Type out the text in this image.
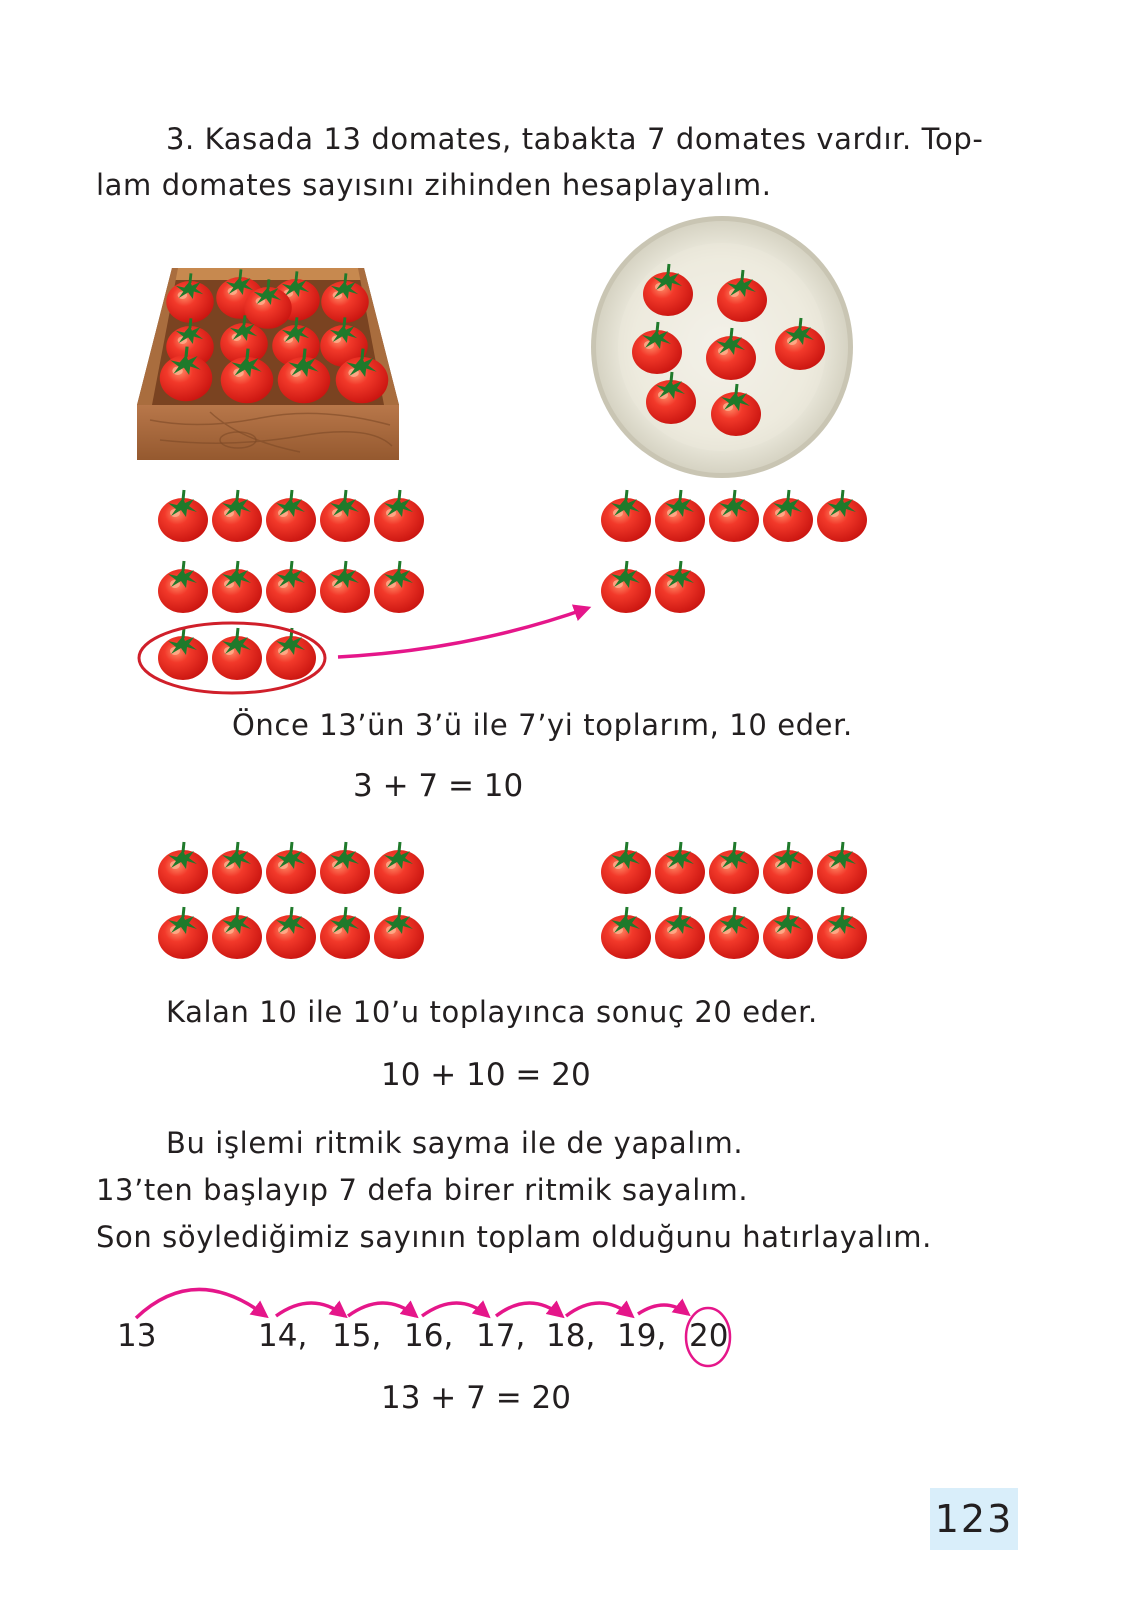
3. Kasada 13 domates, tabakta 7 domates vardır. Top-
lam domates sayısını zihinden hesaplayalım.
Önce 13’ün 3’ü ile 7’yi toplarım, 10 eder.
3 + 7 = 10
Kalan 10 ile 10’u toplayınca sonuç 20 eder.
10 + 10 = 20
Bu işlemi ritmik sayma ile de yapalım.
13’ten başlayıp 7 defa birer ritmik sayalım.
Son söylediğimiz sayının toplam olduğunu hatırlayalım.
13	14, 15, 16, 17, 18, 19, 20
13 + 7 = 20
123
